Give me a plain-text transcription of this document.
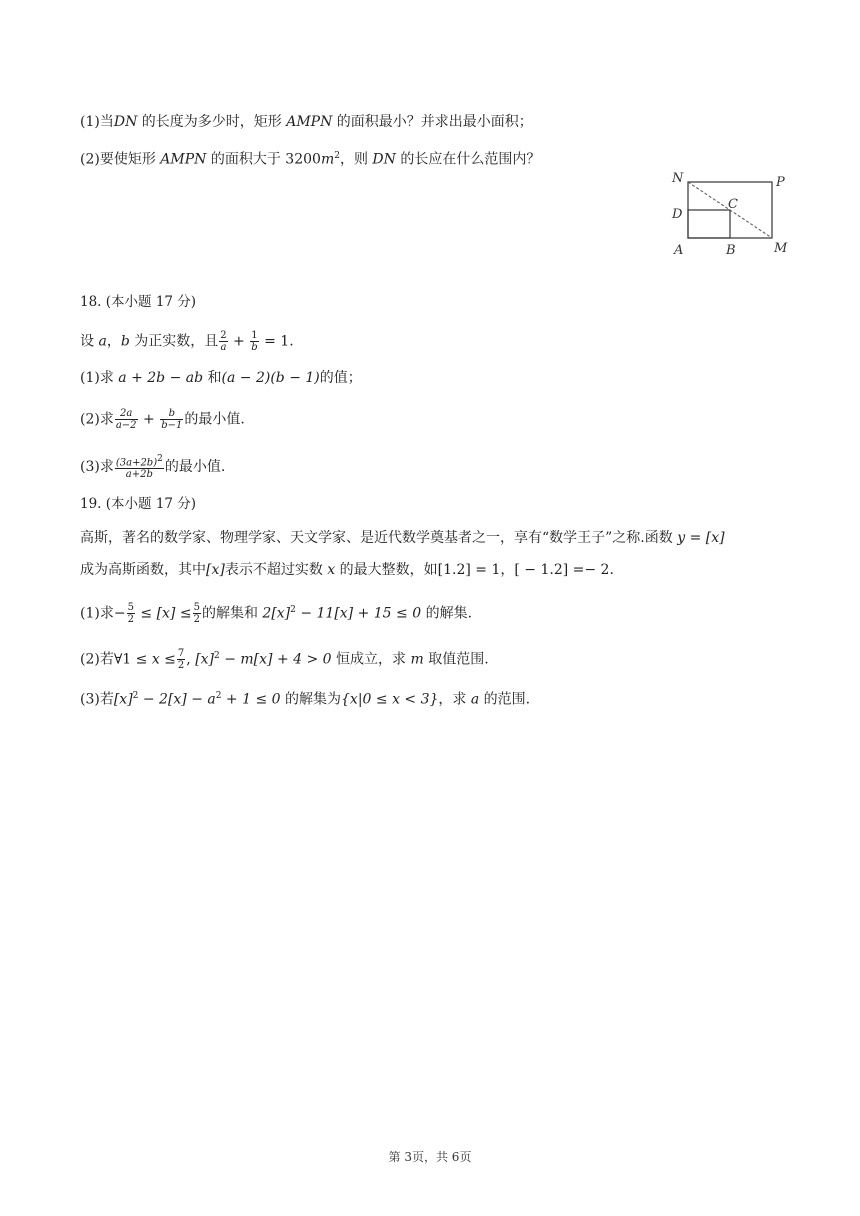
(1)当DN 的长度为多少时，矩形 AMPN 的面积最小？并求出最小面积；
(2)要使矩形 AMPN 的面积大于 $3200m^2$，则 DN 的长应在什么范围内？
N	P
C
D
A	B	M
18. (本小题 17 分)
设 a，b 为正实数，且 $\frac{2}{a} + \frac{1}{b} = 1$.
(1)求 a + 2b − ab 和(a − 2)(b − 1)的值；
(2)求 $\frac{2a}{a-2} + \frac{b}{b-1}$ 的最小值.
(3)求 $\frac{(3a+2b)2}{a+2b}$ 的最小值.
19. (本小题 17 分)
高斯，著名的数学家、物理学家、天文学家、是近代数学奠基者之一，享有“数学王子”之称.函数 y = [x]
成为高斯函数，其中[x]表示不超过实数 x 的最大整数，如[1.2] = 1，[ − 1.2] =− 2.
(1)求− $\frac{5}{2} \le [x] \le \frac{5}{2}$ 的解集和 $2[x]^2 - 11[x] + 15 \le 0$ 的解集.
(2)若∀1 ≤ $x \le \frac{7}{2}$ , $[x]^2 - m[x] + 4 > 0$ 恒成立，求 m 取值范围.
(3)若$[x]^2 - 2[x] - a^2 + 1 \le 0$ 的解集为{x|0 ≤ x < 3}，求 a 的范围.
第 3页，共 6页
